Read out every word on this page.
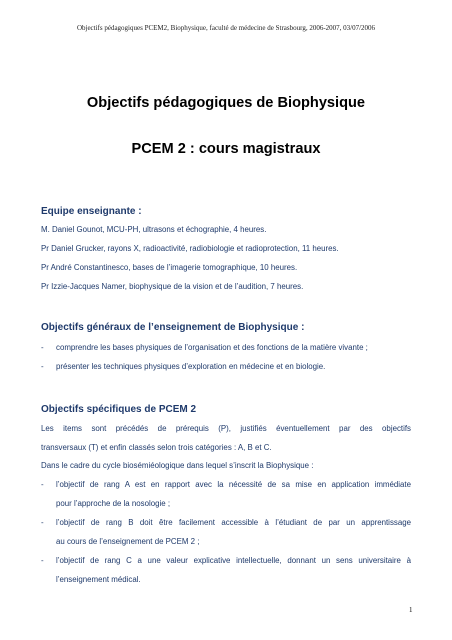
Objectifs pédagogiques PCEM2, Biophysique, faculté de médecine de Strasbourg, 2006-2007, 03/07/2006
Objectifs pédagogiques de Biophysique
PCEM 2 : cours magistraux
Equipe enseignante :
M. Daniel Gounot, MCU-PH, ultrasons et échographie, 4 heures.
Pr Daniel Grucker, rayons X, radioactivité, radiobiologie et radioprotection, 11 heures.
Pr André Constantinesco, bases de l’imagerie tomographique, 10 heures.
Pr Izzie-Jacques Namer, biophysique de la vision et de l’audition, 7 heures.
Objectifs généraux de l’enseignement de Biophysique :
- comprendre les bases physiques de l’organisation et des fonctions de la matière vivante ;
- présenter les techniques physiques d’exploration en médecine et en biologie.
Objectifs spécifiques de PCEM 2
Les items sont précédés de prérequis (P), justifiés éventuellement par des objectifs
transversaux (T) et enfin classés selon trois catégories : A, B et C.
Dans le cadre du cycle biosémiéologique dans lequel s’inscrit la Biophysique :
- l’objectif de rang A est en rapport avec la nécessité de sa mise en application immédiate
pour l’approche de la nosologie ;
- l’objectif de rang B doit être facilement accessible à l’étudiant de par un apprentissage
au cours de l’enseignement de PCEM 2 ;
- l’objectif de rang C a une valeur explicative intellectuelle, donnant un sens universitaire à
l’enseignement médical.
1
